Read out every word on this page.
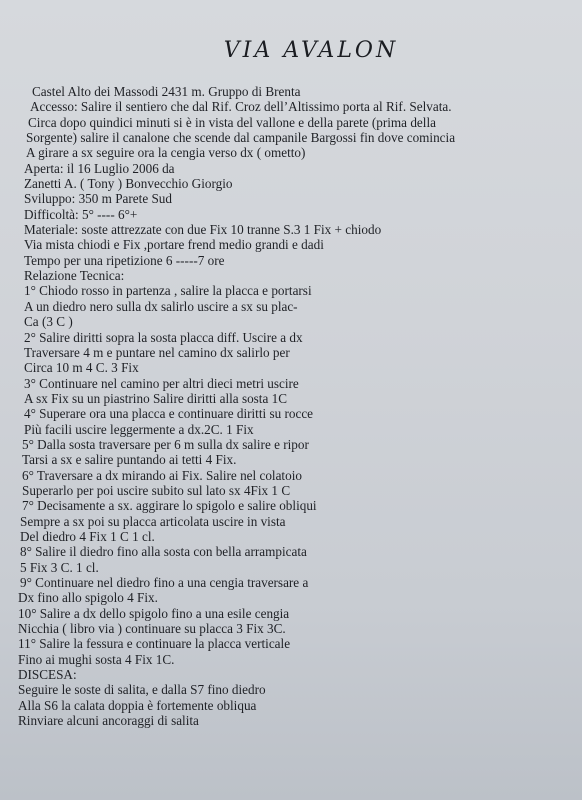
VIA AVALON
Castel Alto dei Massodi 2431 m. Gruppo di Brenta
Accesso: Salire il sentiero che dal Rif. Croz dell’Altissimo porta al Rif. Selvata.
Circa dopo quindici minuti si è in vista del vallone e della parete (prima della
Sorgente) salire il canalone che scende dal campanile Bargossi fin dove comincia
A girare a sx seguire ora la cengia verso dx ( ometto)
Aperta: il 16 Luglio 2006 da
Zanetti A. ( Tony ) Bonvecchio Giorgio
Sviluppo: 350 m Parete Sud
Difficoltà: 5° ---- 6°+
Materiale: soste attrezzate con due Fix 10 tranne S.3 1 Fix + chiodo
Via mista chiodi e Fix ,portare frend medio grandi e dadi
Tempo per una ripetizione 6 -----7 ore
Relazione Tecnica:
1° Chiodo rosso in partenza , salire la placca e portarsi
A un diedro nero sulla dx salirlo uscire a sx su plac-
Ca (3 C )
2° Salire diritti sopra la sosta placca diff. Uscire a dx
Traversare 4 m e puntare nel camino dx salirlo per
Circa 10 m 4 C. 3 Fix
3° Continuare nel camino per altri dieci metri uscire
A sx Fix su un piastrino Salire diritti alla sosta 1C
4° Superare ora una placca e continuare diritti su rocce
Più facili uscire leggermente a dx.2C. 1 Fix
5° Dalla sosta traversare per 6 m sulla dx salire e ripor
Tarsi a sx e salire puntando ai tetti 4 Fix.
6° Traversare a dx mirando ai Fix. Salire nel colatoio
Superarlo per poi uscire subito sul lato sx 4Fix 1 C
7° Decisamente a sx. aggirare lo spigolo e salire obliqui
Sempre a sx poi su placca articolata uscire in vista
Del diedro 4 Fix 1 C 1 cl.
8° Salire il diedro fino alla sosta con bella arrampicata
5 Fix 3 C. 1 cl.
9° Continuare nel diedro fino a una cengia traversare a
Dx fino allo spigolo 4 Fix.
10° Salire a dx dello spigolo fino a una esile cengia
Nicchia ( libro via ) continuare su placca 3 Fix 3C.
11° Salire la fessura e continuare la placca verticale
Fino ai mughi sosta 4 Fix 1C.
DISCESA:
Seguire le soste di salita, e dalla S7 fino diedro
Alla S6 la calata doppia è fortemente obliqua
Rinviare alcuni ancoraggi di salita
